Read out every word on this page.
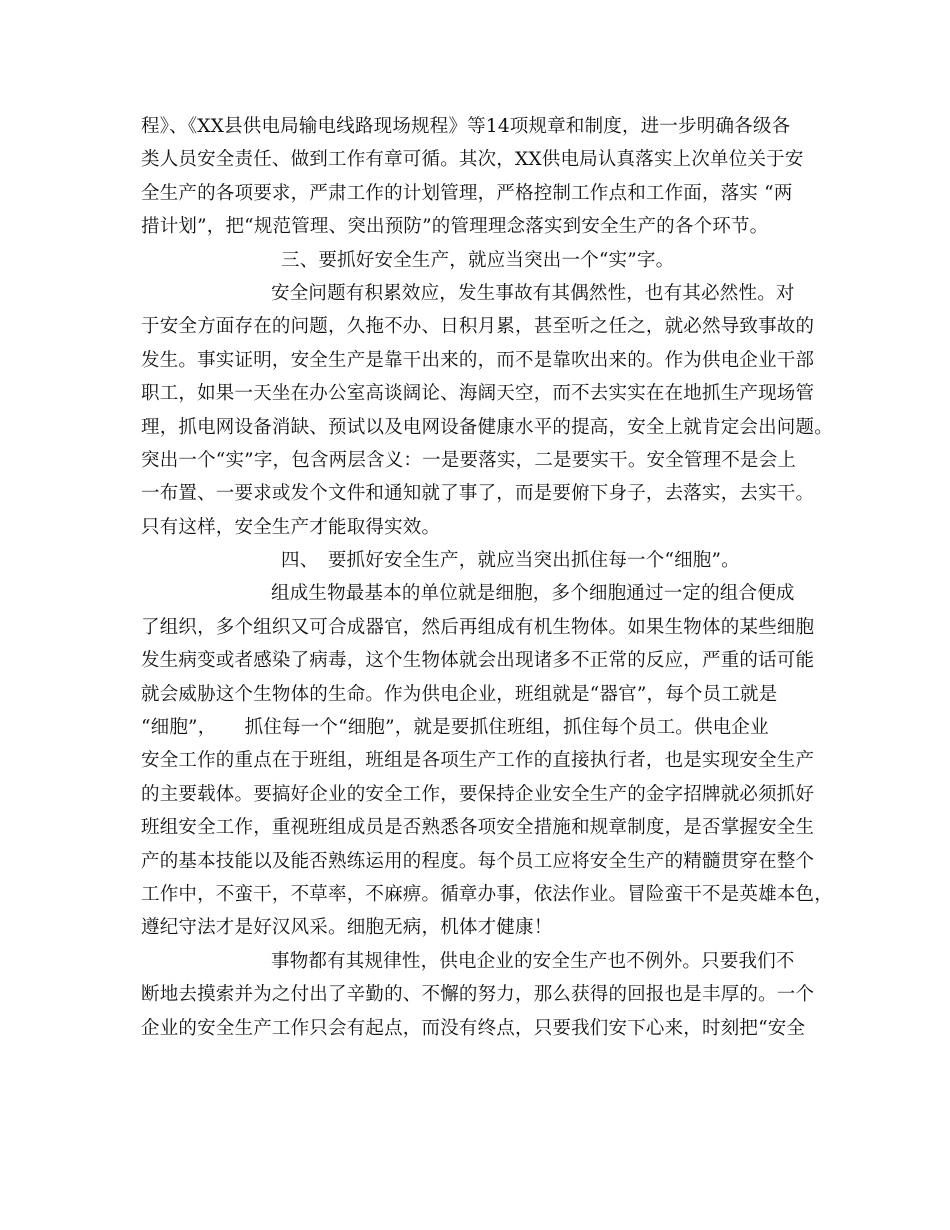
程》、《XX县供电局输电线路现场规程》等14项规章和制度，进一步明确各级各
类人员安全责任、做到工作有章可循。其次，XX供电局认真落实上次单位关于安
全生产的各项要求，严肃工作的计划管理，严格控制工作点和工作面，落实 “两
措计划”，把“规范管理、突出预防”的管理理念落实到安全生产的各个环节。
三、要抓好安全生产，就应当突出一个“实”字。
安全问题有积累效应，发生事故有其偶然性，也有其必然性。对
于安全方面存在的问题，久拖不办、日积月累，甚至听之任之，就必然导致事故的
发生。事实证明，安全生产是靠干出来的，而不是靠吹出来的。作为供电企业干部
职工，如果一天坐在办公室高谈阔论、海阔天空，而不去实实在在地抓生产现场管
理，抓电网设备消缺、预试以及电网设备健康水平的提高，安全上就肯定会出问题。
突出一个“实”字，包含两层含义：一是要落实，二是要实干。安全管理不是会上
一布置、一要求或发个文件和通知就了事了，而是要俯下身子，去落实，去实干。
只有这样，安全生产才能取得实效。
四、　要抓好安全生产，就应当突出抓住每一个“细胞”。
组成生物最基本的单位就是细胞，多个细胞通过一定的组合便成
了组织，多个组织又可合成器官，然后再组成有机生物体。如果生物体的某些细胞
发生病变或者感染了病毒，这个生物体就会出现诸多不正常的反应，严重的话可能
就会威胁这个生物体的生命。作为供电企业，班组就是“器官”，每个员工就是
“细胞”，　　抓住每一个“细胞”，就是要抓住班组，抓住每个员工。供电企业
安全工作的重点在于班组，班组是各项生产工作的直接执行者，也是实现安全生产
的主要载体。要搞好企业的安全工作，要保持企业安全生产的金字招牌就必须抓好
班组安全工作，重视班组成员是否熟悉各项安全措施和规章制度，是否掌握安全生
产的基本技能以及能否熟练运用的程度。每个员工应将安全生产的精髓贯穿在整个
工作中，不蛮干，不草率，不麻痹。循章办事，依法作业。冒险蛮干不是英雄本色，
遵纪守法才是好汉风采。细胞无病，机体才健康！
事物都有其规律性，供电企业的安全生产也不例外。只要我们不
断地去摸索并为之付出了辛勤的、不懈的努力，那么获得的回报也是丰厚的。一个
企业的安全生产工作只会有起点，而没有终点，只要我们安下心来，时刻把“安全
